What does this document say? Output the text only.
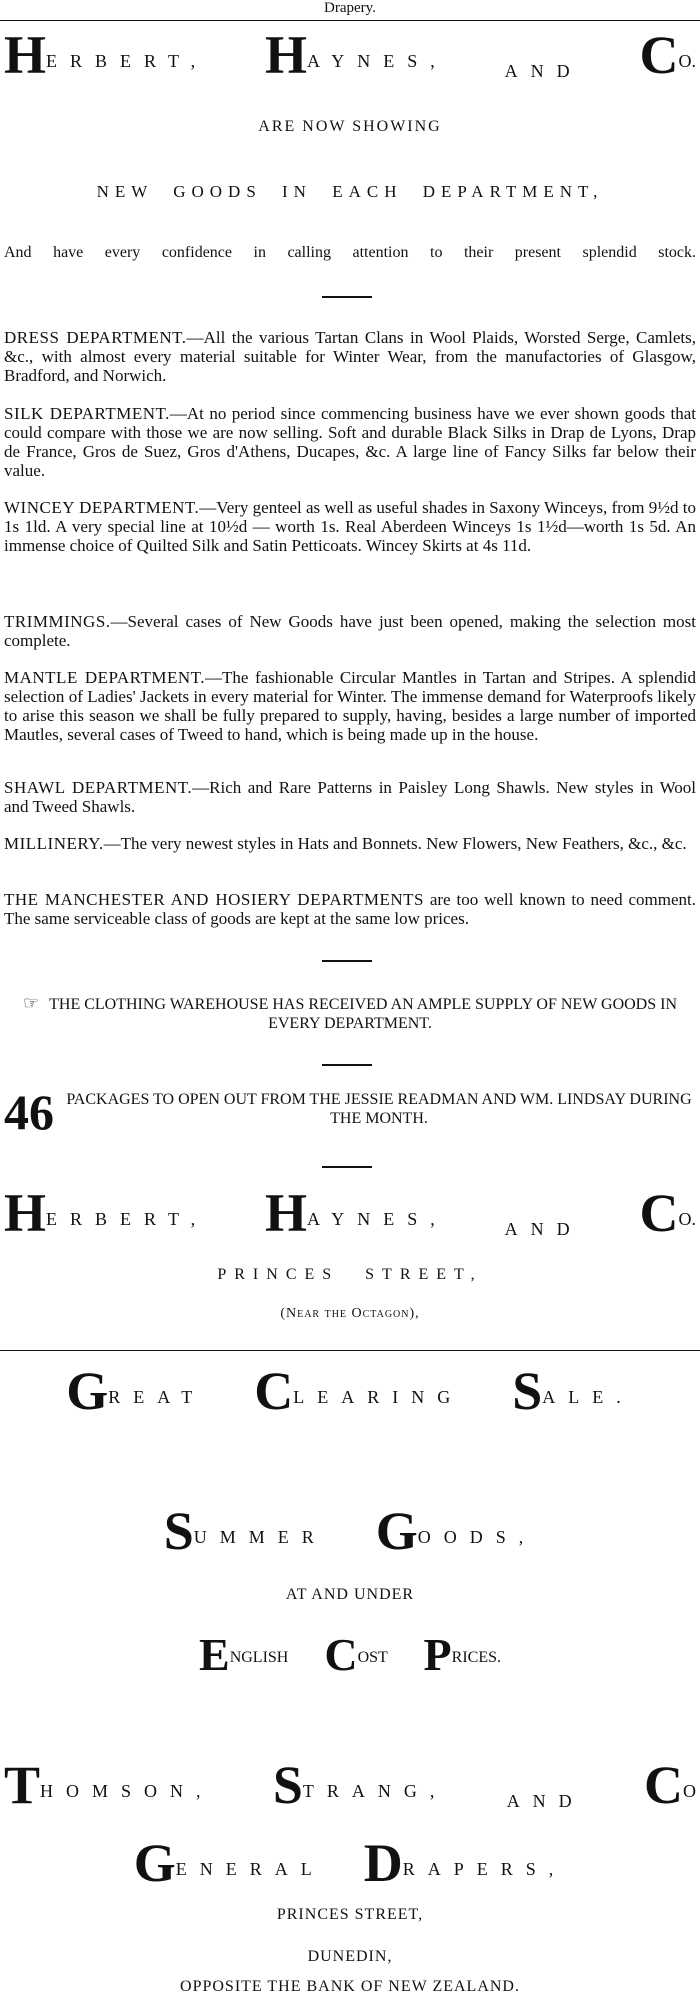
Drapery.
HERBERT, HAYNES,	AND CO.
ARE NOW SHOWING
NEW GOODS IN EACH DEPARTMENT,
And have every confidence in calling attention to their present splendid stock.
DRESS DEPARTMENT.—All the various Tartan Clans in Wool Plaids, Worsted Serge, Camlets, &c., with almost every material suitable for Winter Wear, from the manufactories of Glasgow, Bradford, and Norwich.
SILK DEPARTMENT.—At no period since commencing business have we ever shown goods that could compare with those we are now selling. Soft and durable Black Silks in Drap de Lyons, Drap de France, Gros de Suez, Gros d'Athens, Ducapes, &c. A large line of Fancy Silks far below their value.
WINCEY DEPARTMENT.—Very genteel as well as useful shades in Saxony Winceys, from 9½d to 1s 1ld. A very special line at 10½d — worth 1s. Real Aberdeen Winceys 1s 1½d—worth 1s 5d. An immense choice of Quilted Silk and Satin Petticoats. Wincey Skirts at 4s 11d.
TRIMMINGS.—Several cases of New Goods have just been opened, making the selection most complete.
MANTLE DEPARTMENT.—The fashionable Circular Mantles in Tartan and Stripes. A splendid selection of Ladies' Jackets in every material for Winter. The immense demand for Waterproofs likely to arise this season we shall be fully prepared to supply, having, besides a large number of imported Mautles, several cases of Tweed to hand, which is being made up in the house.
SHAWL DEPARTMENT.—Rich and Rare Patterns in Paisley Long Shawls. New styles in Wool and Tweed Shawls.
MILLINERY.—The very newest styles in Hats and Bonnets. New Flowers, New Feathers, &c., &c.
THE MANCHESTER AND HOSIERY DEPARTMENTS are too well known to need comment. The same serviceable class of goods are kept at the same low prices.
☞ THE CLOTHING WAREHOUSE HAS RECEIVED AN AMPLE SUPPLY OF NEW GOODS IN EVERY DEPARTMENT.
46 PACKAGES TO OPEN OUT FROM THE JESSIE READMAN AND WM. LINDSAY DURING THE MONTH.
HERBERT, HAYNES,	AND CO.
PRINCES STREET,
(Near the Octagon),
GREAT CLEARING SALE.
SUMMER GOODS,
AT AND UNDER
ENGLISH COST PRICES.
THOMSON, STRANG,	AND CO
GENERAL DRAPERS,
PRINCES STREET,
DUNEDIN,
OPPOSITE THE BANK OF NEW ZEALAND.
